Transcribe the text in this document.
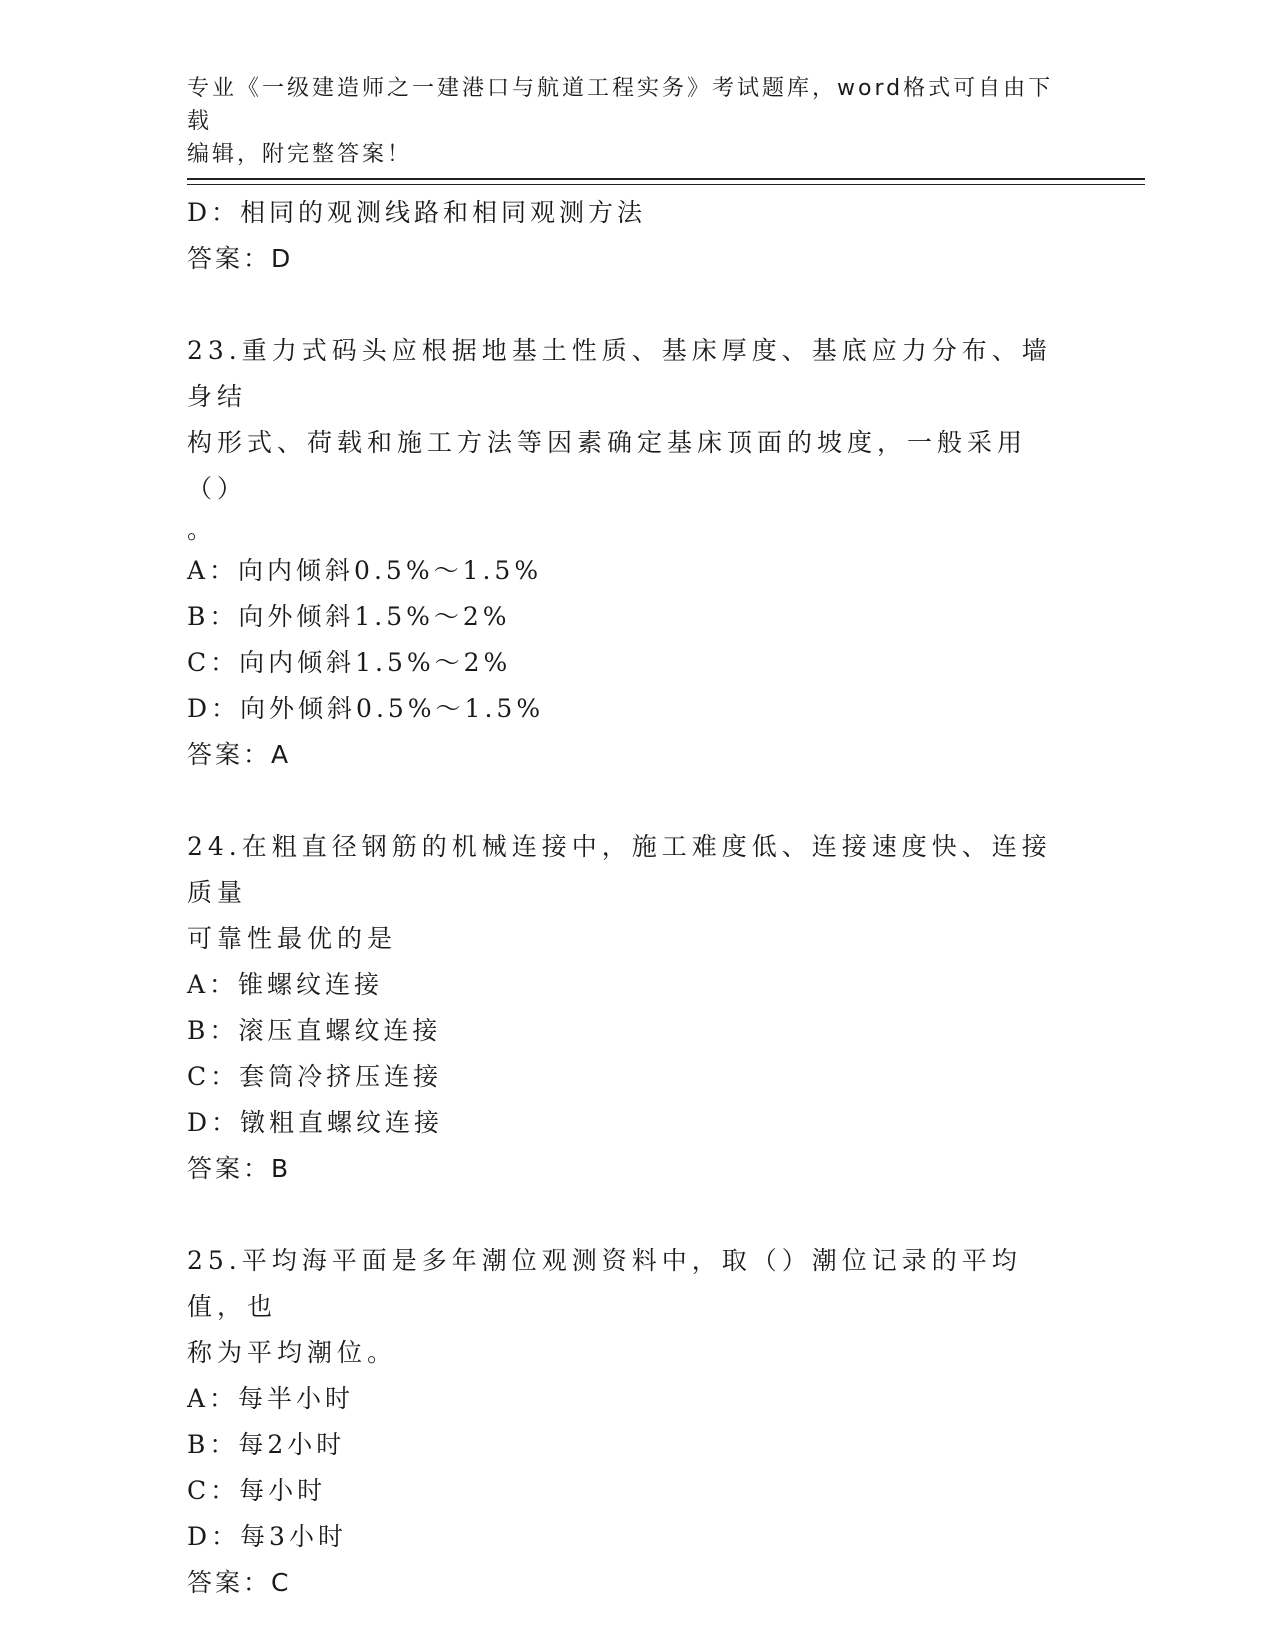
专业《一级建造师之一建港口与航道工程实务》考试题库，word格式可自由下载
编辑，附完整答案！
D：相同的观测线路和相同观测方法
答案：D
23.重力式码头应根据地基土性质、基床厚度、基底应力分布、墙身结
构形式、荷载和施工方法等因素确定基床顶面的坡度，一般采用（）
。
A：向内倾斜0.5%～1.5%
B：向外倾斜1.5%～2%
C：向内倾斜1.5%～2%
D：向外倾斜0.5%～1.5%
答案：A
24.在粗直径钢筋的机械连接中，施工难度低、连接速度快、连接质量
可靠性最优的是
A：锥螺纹连接
B：滚压直螺纹连接
C：套筒冷挤压连接
D：镦粗直螺纹连接
答案：B
25.平均海平面是多年潮位观测资料中，取（）潮位记录的平均值，也
称为平均潮位。
A：每半小时
B：每2小时
C：每小时
D：每3小时
答案：C
